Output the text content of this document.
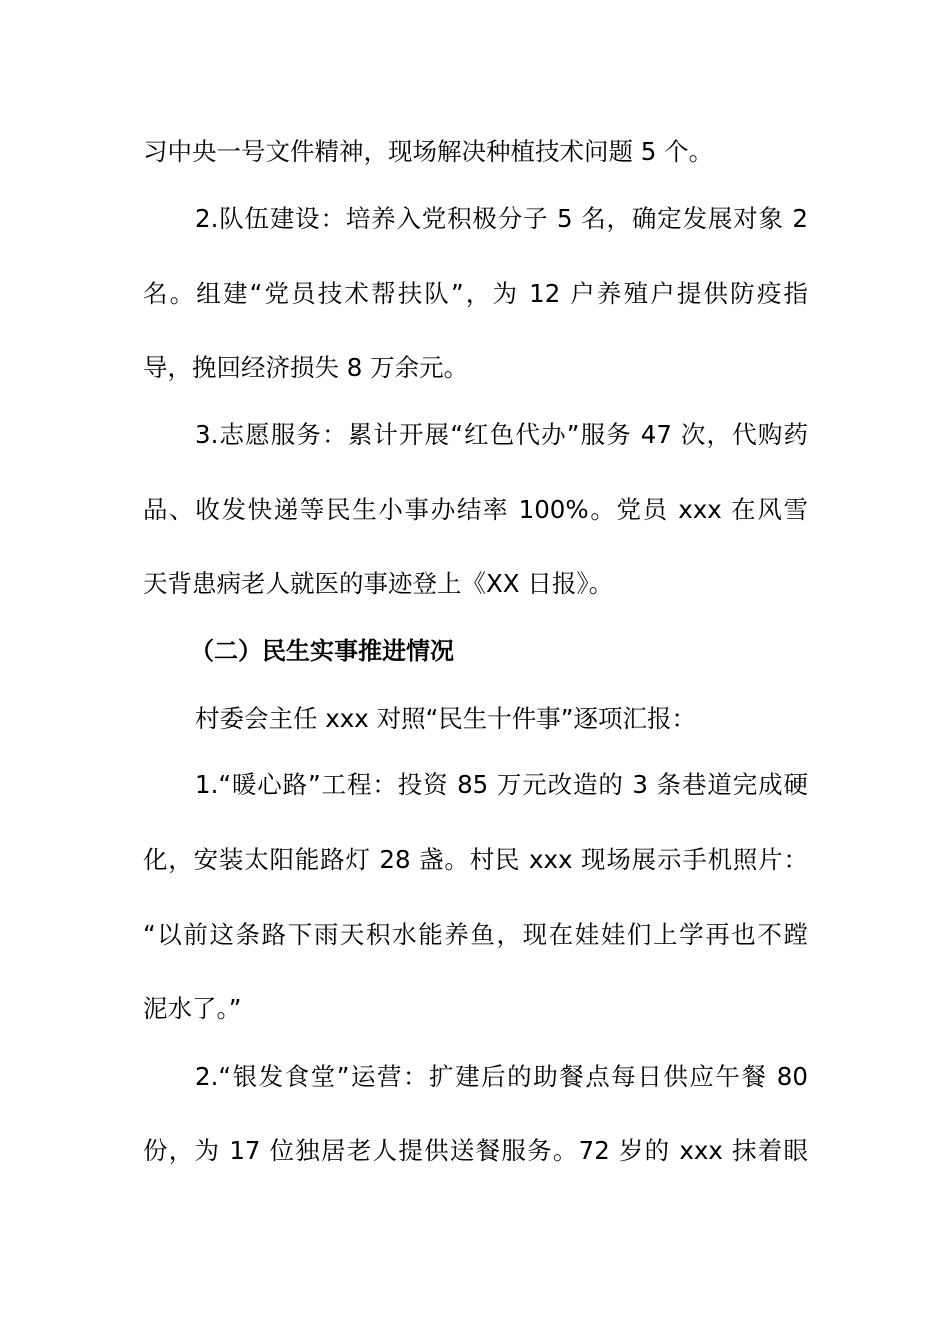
习中央一号文件精神，现场解决种植技术问题 5 个。
2.队伍建设：培养入党积极分子 5 名，确定发展对象 2
名。组建“党员技术帮扶队”，为 12 户养殖户提供防疫指
导，挽回经济损失 8 万余元。
3.志愿服务：累计开展“红色代办”服务 47 次，代购药
品、收发快递等民生小事办结率 100%。党员 xxx 在风雪
天背患病老人就医的事迹登上《XX 日报》。
（二）民生实事推进情况
村委会主任 xxx 对照“民生十件事”逐项汇报：
1.“暖心路”工程：投资 85 万元改造的 3 条巷道完成硬
化，安装太阳能路灯 28 盏。村民 xxx 现场展示手机照片：
“以前这条路下雨天积水能养鱼，现在娃娃们上学再也不蹚
泥水了。”
2.“银发食堂”运营：扩建后的助餐点每日供应午餐 80
份，为 17 位独居老人提供送餐服务。72 岁的 xxx 抹着眼
